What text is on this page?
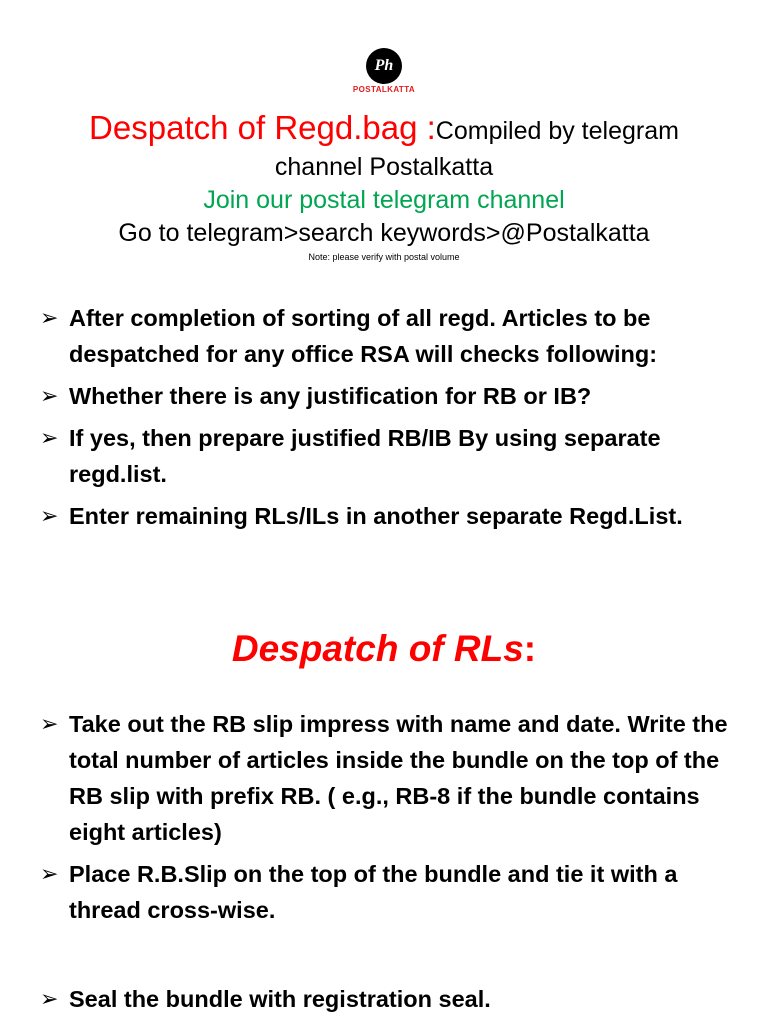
Ph
POSTALKATTA
Despatch of Regd.bag :Compiled by telegram
channel Postalkatta
Join our postal telegram channel
Go to telegram>search keywords>@Postalkatta
Note: please verify with postal volume
➢ After completion of sorting of all regd. Articles to be despatched for any office RSA will checks following:
➢ Whether there is any justification for RB or IB?
➢ If yes, then prepare justified RB/IB By using separate regd.list.
➢ Enter remaining RLs/ILs in another separate Regd.List.
Despatch of RLs:
➢ Take out the RB slip impress with name and date. Write the total number of articles inside the bundle on the top of the RB slip with prefix RB. ( e.g., RB-8 if the bundle contains eight articles)
➢ Place R.B.Slip on the top of the bundle and tie it with a thread cross-wise.
➢ Seal the bundle with registration seal.
